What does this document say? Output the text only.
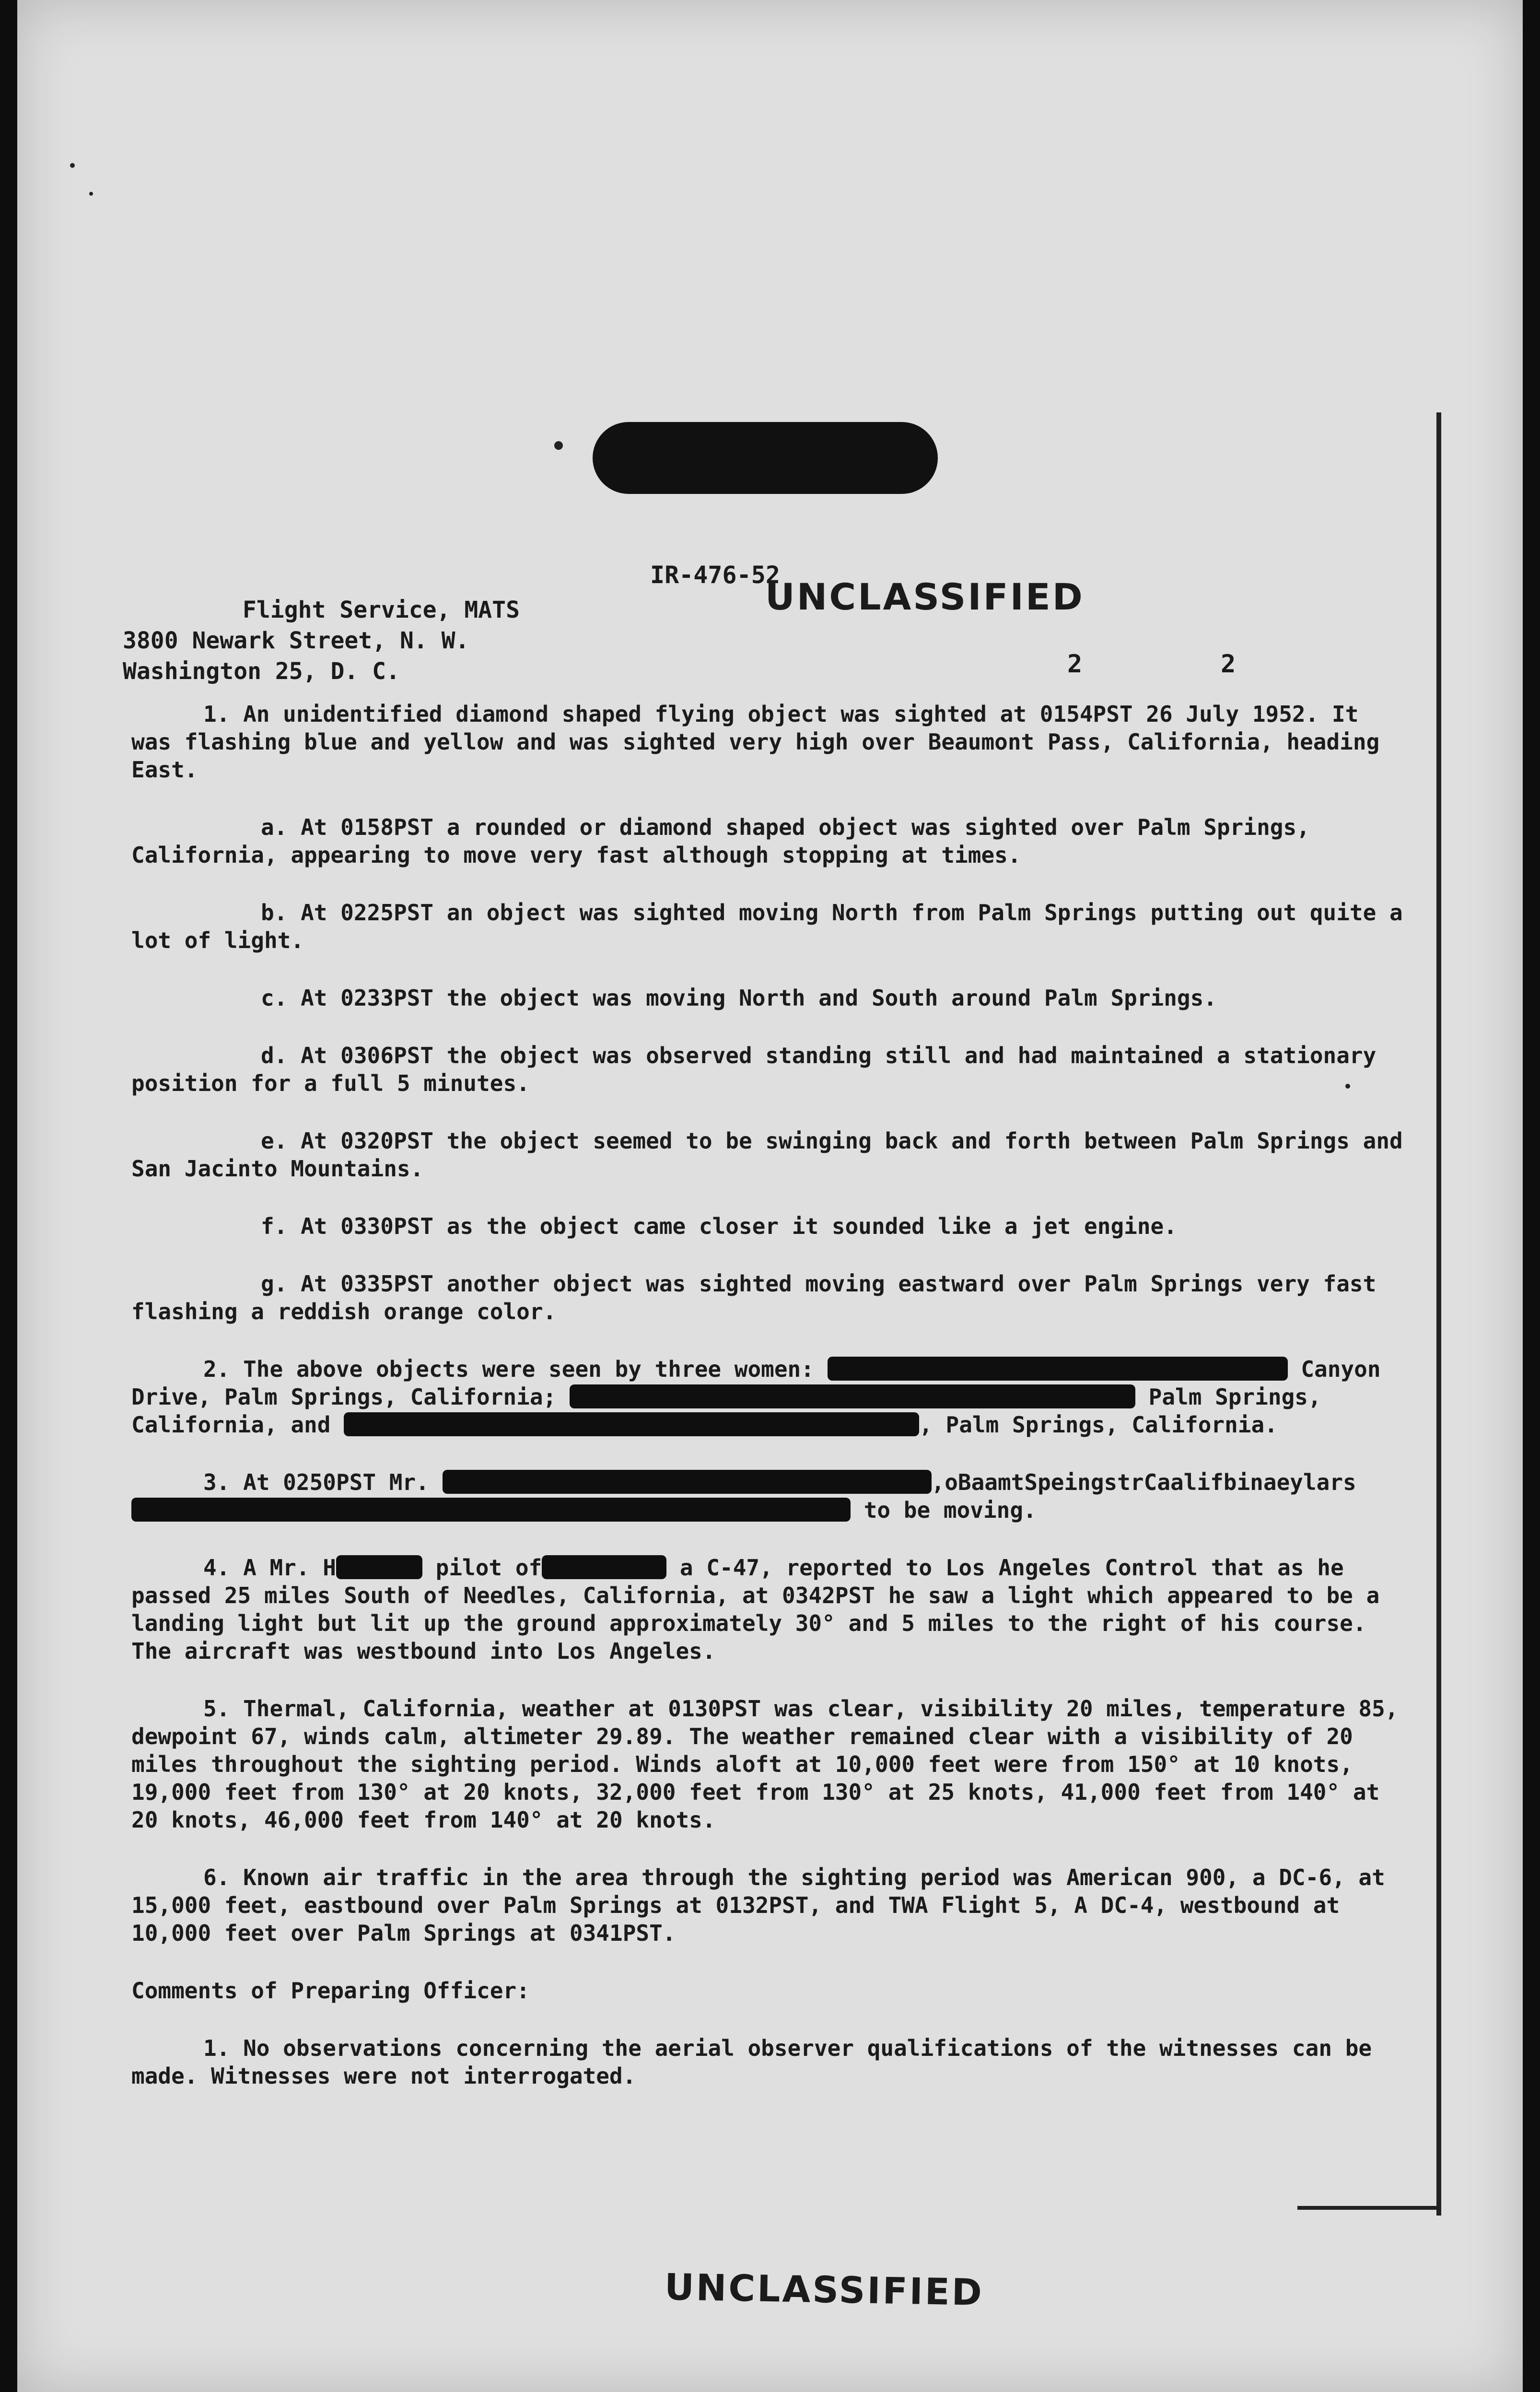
IR-476-52
UNCLASSIFIED
Flight Service, MATS
3800 Newark Street, N. W.
Washington 25, D. C.	2	2

1. An unidentified diamond shaped flying object was sighted at 0154PST 26 July 1952. It was flashing blue and yellow and was sighted very high over Beaumont Pass, California, heading East.

a. At 0158PST a rounded or diamond shaped object was sighted over Palm Springs, California, appearing to move very fast although stopping at times.

b. At 0225PST an object was sighted moving North from Palm Springs putting out quite a lot of light.

c. At 0233PST the object was moving North and South around Palm Springs.

d. At 0306PST the object was observed standing still and had maintained a stationary position for a full 5 minutes.

e. At 0320PST the object seemed to be swinging back and forth between Palm Springs and San Jacinto Mountains.

f. At 0330PST as the object came closer it sounded like a jet engine.

g. At 0335PST another object was sighted moving eastward over Palm Springs very fast flashing a reddish orange color.

2. The above objects were seen by three women:	Canyon Drive, Palm Springs, California;	Palm Springs, California, and	, Palm Springs, California.

3. At 0250PST Mr.	,oBaamtSpeingstrCaalifbinaeylars  to be moving.

4. A Mr. H	pilot of	a C-47, reported to Los Angeles Control that as he passed 25 miles South of Needles, California, at 0342PST he saw a light which appeared to be a landing light but lit up the ground approximately 30° and 5 miles to the right of his course. The aircraft was westbound into Los Angeles.

5. Thermal, California, weather at 0130PST was clear, visibility 20 miles, temperature 85, dewpoint 67, winds calm, altimeter 29.89. The weather remained clear with a visibility of 20 miles throughout the sighting period. Winds aloft at 10,000 feet were from 150° at 10 knots, 19,000 feet from 130° at 20 knots, 32,000 feet from 130° at 25 knots, 41,000 feet from 140° at 20 knots, 46,000 feet from 140° at 20 knots.

6. Known air traffic in the area through the sighting period was American 900, a DC-6, at 15,000 feet, eastbound over Palm Springs at 0132PST, and TWA Flight 5, A DC-4, westbound at 10,000 feet over Palm Springs at 0341PST.

Comments of Preparing Officer:

1. No observations concerning the aerial observer qualifications of the witnesses can be made. Witnesses were not interrogated.

UNCLASSIFIED
